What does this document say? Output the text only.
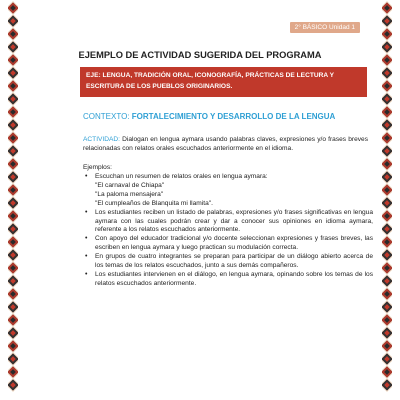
2° BÁSICO Unidad 1
EJEMPLO DE ACTIVIDAD SUGERIDA DEL PROGRAMA
EJE: LENGUA, TRADICIÓN ORAL, ICONOGRAFÍA, PRÁCTICAS DE LECTURA Y ESCRITURA DE LOS PUEBLOS ORIGINARIOS.
CONTEXTO: FORTALECIMIENTO Y DESARROLLO DE LA LENGUA
ACTIVIDAD: Dialogan en lengua aymara usando palabras claves, expresiones y/o frases breves relacionadas con relatos orales escuchados anteriormente en el idioma.
Ejemplos:
• Escuchan un resumen de relatos orales en lengua aymara:
"El carnaval de Chiapa"
"La paloma mensajera"
"El cumpleaños de Blanquita mi llamita".
• Los estudiantes reciben un listado de palabras, expresiones y/o frases significativas en lengua aymara con las cuales podrán crear y dar a conocer sus opiniones en idioma aymara, referente a los relatos escuchados anteriormente.
• Con apoyo del educador tradicional y/o docente seleccionan expresiones y frases breves, las escriben en lengua aymara y luego practican su modulación correcta.
• En grupos de cuatro integrantes se preparan para participar de un diálogo abierto acerca de los temas de los relatos escuchados, junto a sus demás compañeros.
• Los estudiantes intervienen en el diálogo, en lengua aymara, opinando sobre los temas de los relatos escuchados anteriormente.
